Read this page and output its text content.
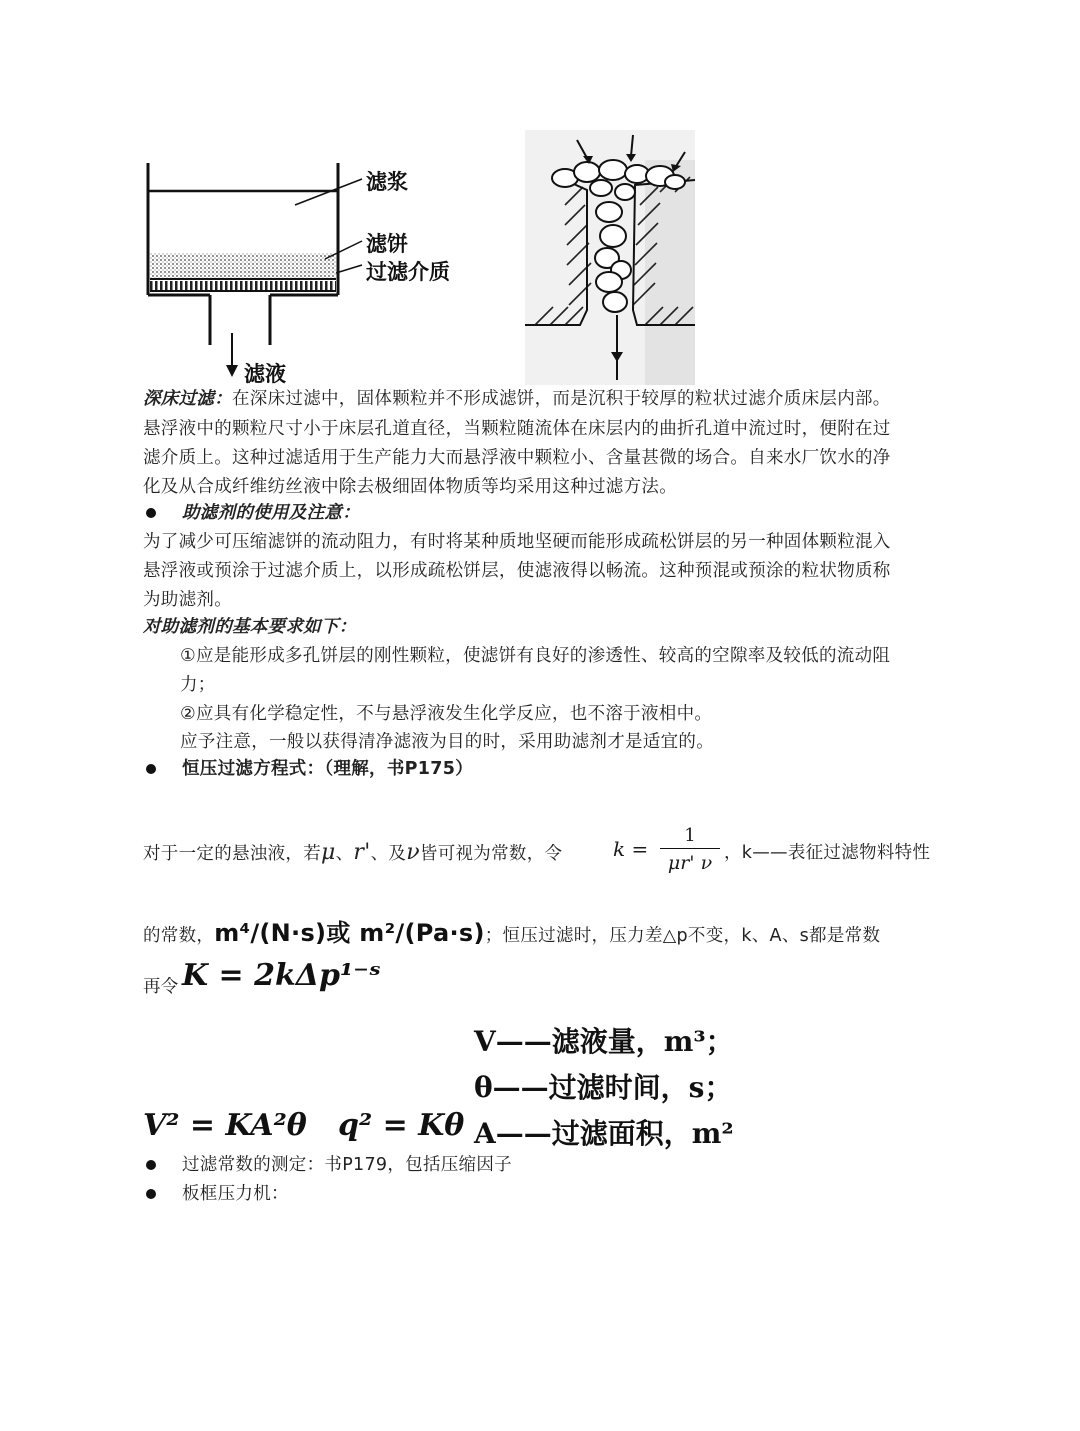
滤浆
滤饼
过滤介质
滤液
深床过滤：在深床过滤中，固体颗粒并不形成滤饼，而是沉积于较厚的粒状过滤介质床层内部。
悬浮液中的颗粒尺寸小于床层孔道直径，当颗粒随流体在床层内的曲折孔道中流过时，便附在过
滤介质上。这种过滤适用于生产能力大而悬浮液中颗粒小、含量甚微的场合。自来水厂饮水的净
化及从合成纤维纺丝液中除去极细固体物质等均采用这种过滤方法。
助滤剂的使用及注意：
为了减少可压缩滤饼的流动阻力，有时将某种质地坚硬而能形成疏松饼层的另一种固体颗粒混入
悬浮液或预涂于过滤介质上，以形成疏松饼层，使滤液得以畅流。这种预混或预涂的粒状物质称
为助滤剂。
对助滤剂的基本要求如下：
①应是能形成多孔饼层的刚性颗粒，使滤饼有良好的渗透性、较高的空隙率及较低的流动阻
力；
②应具有化学稳定性，不与悬浮液发生化学反应，也不溶于液相中。
应予注意，一般以获得清净滤液为目的时，采用助滤剂才是适宜的。
恒压过滤方程式：（理解，书P175）
对于一定的悬浊液，若μ、r'、及ν皆可视为常数，令	k =
1
μr' ν ，k——表征过滤物料特性
的常数，m⁴/(N·s)或 m²/(Pa·s)；恒压过滤时，压力差△p不变，k、A、s都是常数
再令 K = 2kΔp¹⁻ˢ
V——滤液量，m³；
θ——过滤时间，s；
A——过滤面积，m²
V² = KA²θ   q² = Kθ
过滤常数的测定：书P179，包括压缩因子
板框压力机：
